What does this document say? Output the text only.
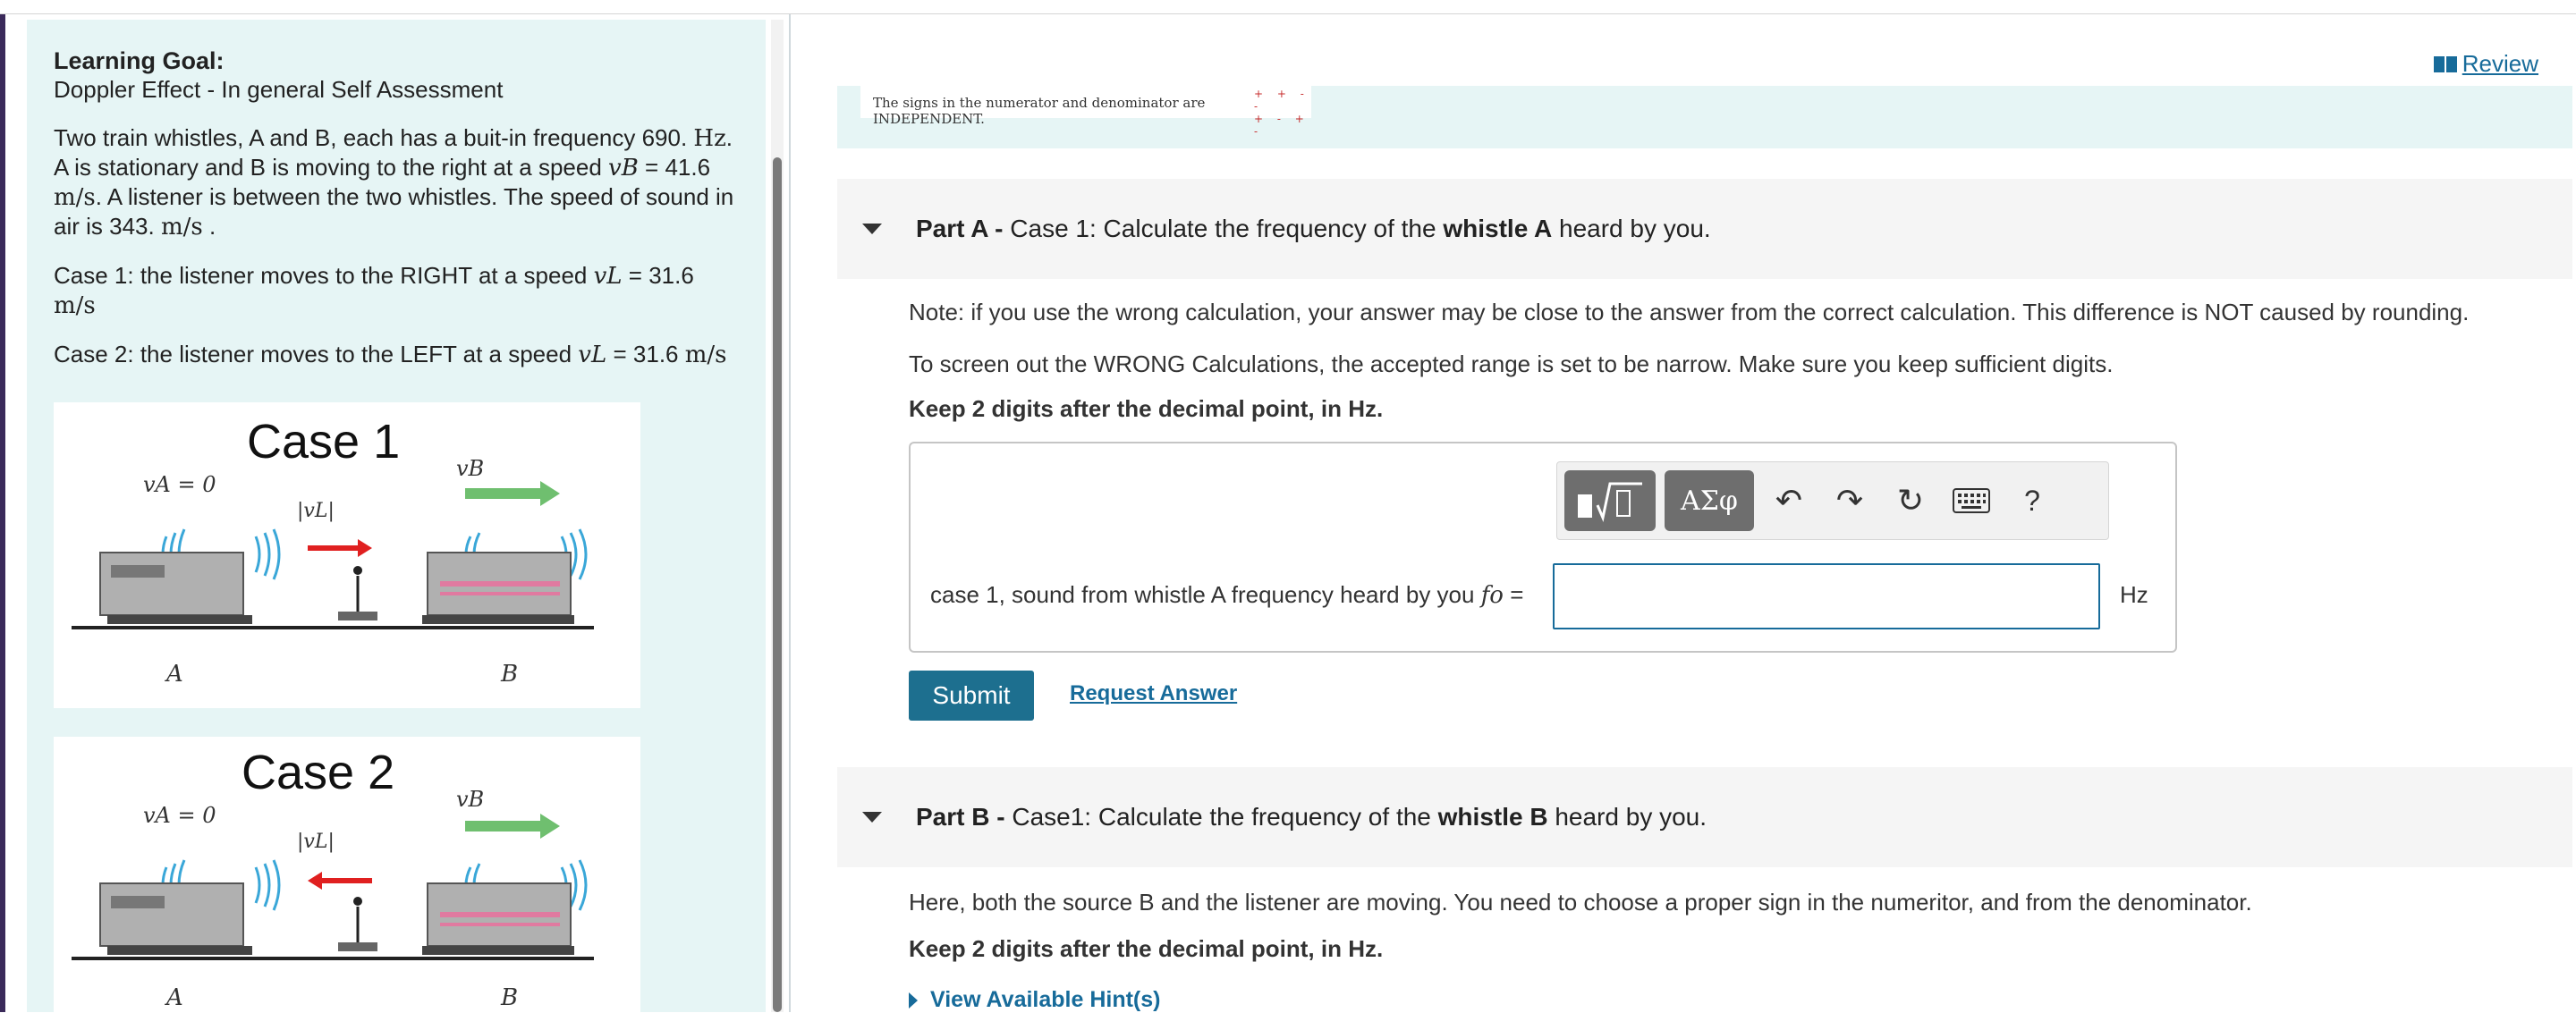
Learning Goal:
Doppler Effect - In general Self Assessment
Two train whistles, A and B, each has a buit-in frequency 690. Hz. A is stationary and B is moving to the right at a speed vB = 41.6 m/s. A listener is between the two whistles. The speed of sound in air is 343. m/s .
Case 1: the listener moves to the RIGHT at a speed vL = 31.6 m/s
Case 2: the listener moves to the LEFT at a speed vL = 31.6 m/s
Case 1
vA = 0
|vL|
vB
A	B
Case 2
vA = 0
|vL|
vB
A	B
Review
The signs in the numerator and denominator are INDEPENDENT.
+ + - -
+ - + -
Part A - Case 1: Calculate the frequency of the whistle A heard by you.
Note: if you use the wrong calculation, your answer may be close to the answer from the correct calculation. This difference is NOT caused by rounding.
To screen out the WRONG Calculations, the accepted range is set to be narrow. Make sure you keep sufficient digits.
Keep 2 digits after the decimal point, in Hz.
ΑΣφ	↶	↷	↻	?
case 1, sound from whistle A frequency heard by you fo =	Hz
Submit	Request Answer
Part B - Case1: Calculate the frequency of the whistle B heard by you.
Here, both the source B and the listener are moving. You need to choose a proper sign in the numeritor, and from the denominator.
Keep 2 digits after the decimal point, in Hz.
View Available Hint(s)
